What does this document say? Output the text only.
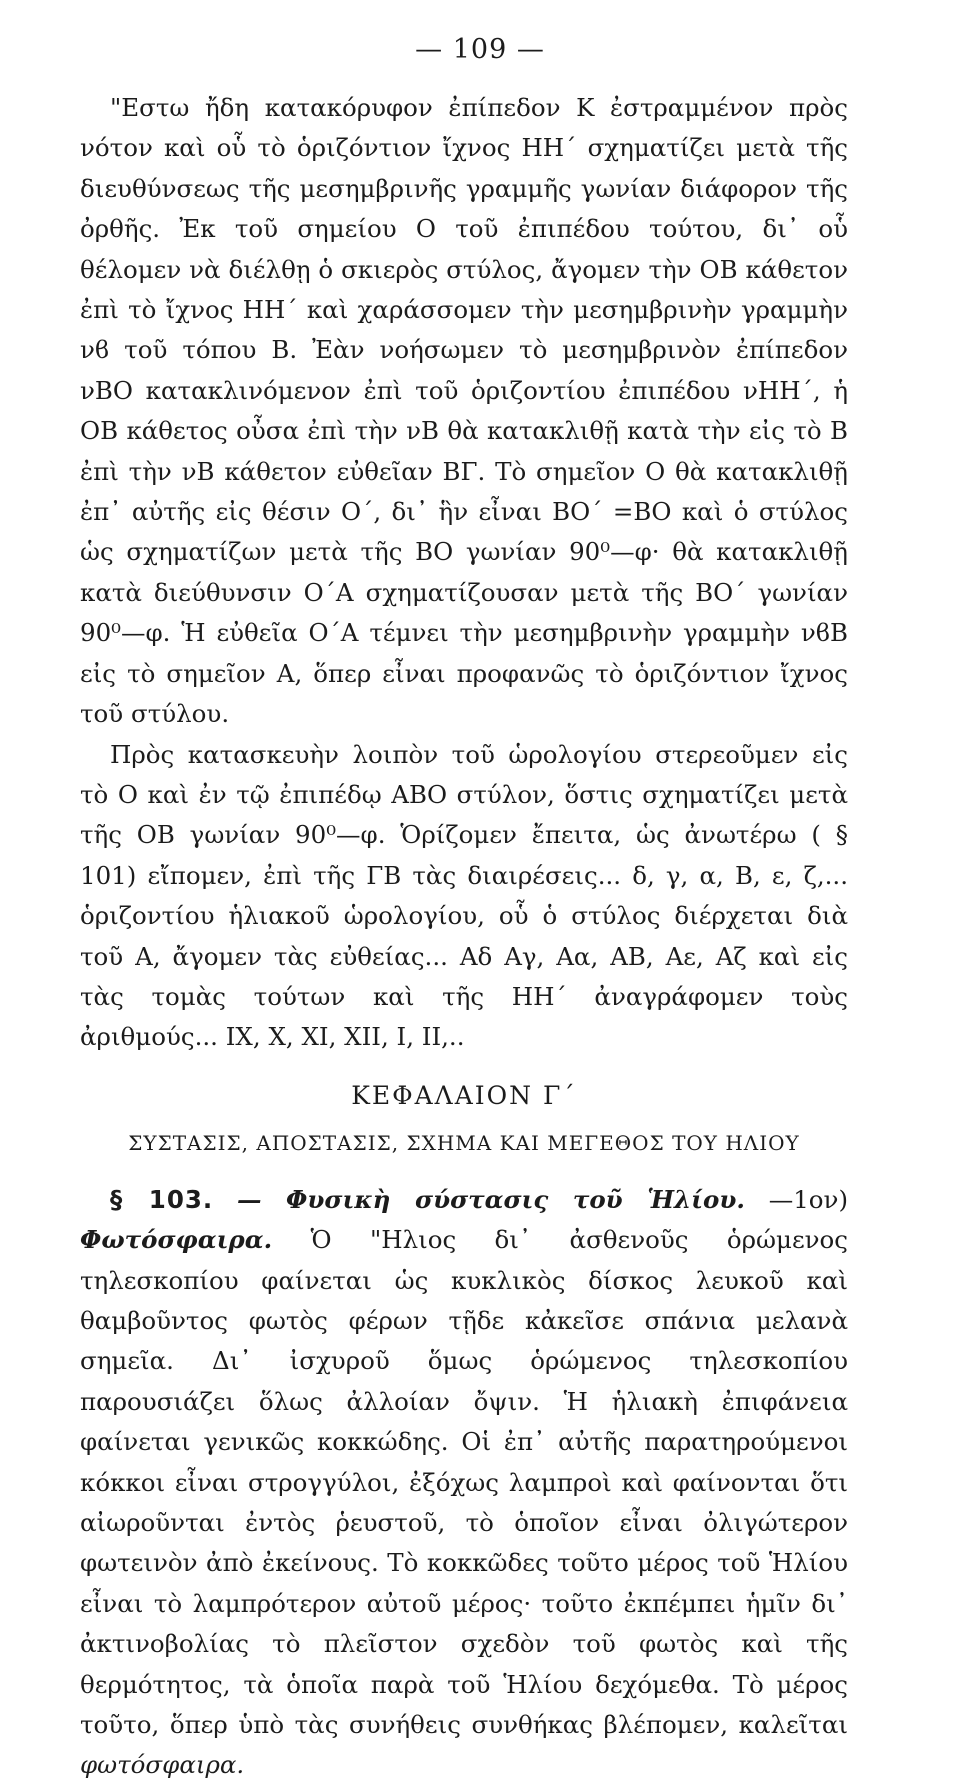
— 109 —

"Εστω ἤδη κατακόρυφον ἐπίπεδον Κ ἐστραμμένον πρὸς νότον καὶ οὗ τὸ ὁριζόντιον ἴχνος ΗΗ΄ σχηματίζει μετὰ τῆς διευθύνσεως τῆς μεσημβρινῆς γραμμῆς γωνίαν διάφορον τῆς ὀρθῆς. Ἐκ τοῦ σημείου Ο τοῦ ἐπιπέδου τούτου, δι᾽ οὗ θέλομεν νὰ διέλθῃ ὁ σκιερὸς στύλος, ἄγομεν τὴν ΟΒ κάθετον ἐπὶ τὸ ἴχνος ΗΗ΄ καὶ χαράσσομεν τὴν μεσημβρινὴν γραμμὴν νϐ τοῦ τόπου Β. Ἐὰν νοήσωμεν τὸ μεσημβρινὸν ἐπίπεδον νΒΟ κατακλινόμενον ἐπὶ τοῦ ὁριζοντίου ἐπιπέδου νΗΗ΄, ἡ ΟΒ κάθετος οὖσα ἐπὶ τὴν νΒ θὰ κατακλιθῇ κατὰ τὴν εἰς τὸ Β ἐπὶ τὴν νΒ κάθετον εὐθεῖαν ΒΓ. Τὸ σημεῖον Ο θὰ κατακλιθῇ ἐπ᾽ αὐτῆς εἰς θέσιν Ο΄, δι᾽ ἣν εἶναι ΒΟ΄ =ΒΟ καὶ ὁ στύλος ὡς σχηματίζων μετὰ τῆς ΒΟ γωνίαν 90⁰—φ· θὰ κατακλιθῇ κατὰ διεύθυνσιν Ο΄Α σχηματίζουσαν μετὰ τῆς ΒΟ΄ γωνίαν 90⁰—φ. Ἡ εὐθεῖα Ο΄Α τέμνει τὴν μεσημβρινὴν γραμμὴν νϐΒ εἰς τὸ σημεῖον Α, ὅπερ εἶναι προφανῶς τὸ ὁριζόντιον ἴχνος τοῦ στύλου.

Πρὸς κατασκευὴν λοιπὸν τοῦ ὡρολογίου στερεοῦμεν εἰς τὸ Ο καὶ ἐν τῷ ἐπιπέδῳ ΑΒΟ στύλον, ὅστις σχηματίζει μετὰ τῆς ΟΒ γωνίαν 90⁰—φ. Ὁρίζομεν ἔπειτα, ὡς ἀνωτέρω ( § 101) εἴπομεν, ἐπὶ τῆς ΓΒ τὰς διαιρέσεις... δ, γ, α, Β, ε, ζ,... ὁριζοντίου ἡλιακοῦ ὡρολογίου, οὗ ὁ στύλος διέρχεται διὰ τοῦ Α, ἄγομεν τὰς εὐθείας... Αδ Αγ, Αα, ΑΒ, Αε, Αζ καὶ εἰς τὰς τομὰς τούτων καὶ τῆς ΗΗ΄ ἀναγράφομεν τοὺς ἀριθμούς... IX, X, XI, XII, I, II,..

ΚΕΦΑΛΑΙΟΝ Γ΄
ΣΥΣΤΑΣΙΣ, ΑΠΟΣΤΑΣΙΣ, ΣΧΗΜΑ ΚΑΙ ΜΕΓΕΘΟΣ ΤΟΥ ΗΛΙΟΥ

§ 103. — Φυσικὴ σύστασις τοῦ Ἡλίου. —1ον) Φωτόσφαιρα. Ὁ "Ηλιος δι᾽ ἀσθενοῦς ὁρώμενος τηλεσκοπίου φαίνεται ὡς κυκλικὸς δίσκος λευκοῦ καὶ θαμβοῦντος φωτὸς φέρων τῇδε κἀκεῖσε σπάνια μελανὰ σημεῖα. Δι᾽ ἰσχυροῦ ὅμως ὁρώμενος τηλεσκοπίου παρουσιάζει ὅλως ἀλλοίαν ὄψιν. Ἡ ἡλιακὴ ἐπιφάνεια φαίνεται γενικῶς κοκκώδης. Οἱ ἐπ᾽ αὐτῆς παρατηρούμενοι κόκκοι εἶναι στρογγύλοι, ἐξόχως λαμπροὶ καὶ φαίνονται ὅτι αἰωροῦνται ἐντὸς ῥευστοῦ, τὸ ὁποῖον εἶναι ὀλιγώτερον φωτεινὸν ἀπὸ ἐκείνους. Τὸ κοκκῶδες τοῦτο μέρος τοῦ Ἡλίου εἶναι τὸ λαμπρότερον αὐτοῦ μέρος· τοῦτο ἐκπέμπει ἡμῖν δι᾽ ἀκτινοβολίας τὸ πλεῖστον σχεδὸν τοῦ φωτὸς καὶ τῆς θερμότητος, τὰ ὁποῖα παρὰ τοῦ Ἡλίου δεχόμεθα. Τὸ μέρος τοῦτο, ὅπερ ὑπὸ τὰς συνήθεις συνθήκας βλέπομεν, καλεῖται φωτόσφαιρα.
